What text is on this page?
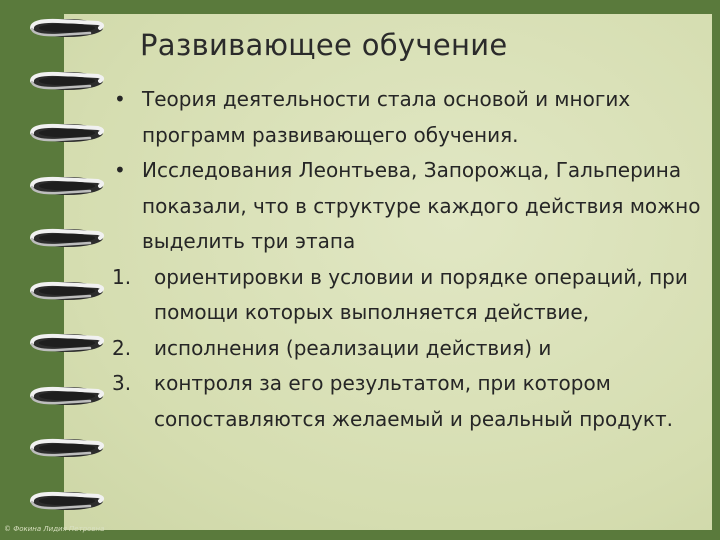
Развивающее обучение
• Теория деятельности стала основой и многих программ развивающего обучения.
• Исследования Леонтьева, Запорожца, Гальперина показали, что в структуре каждого действия можно выделить три этапа
1. ориентировки в условии и порядке операций, при помощи которых выполняется действие,
2. исполнения (реализации действия) и
3. контроля за его результатом, при котором сопоставляются желаемый и реальный продукт.
© Фокина Лидия Петровна
